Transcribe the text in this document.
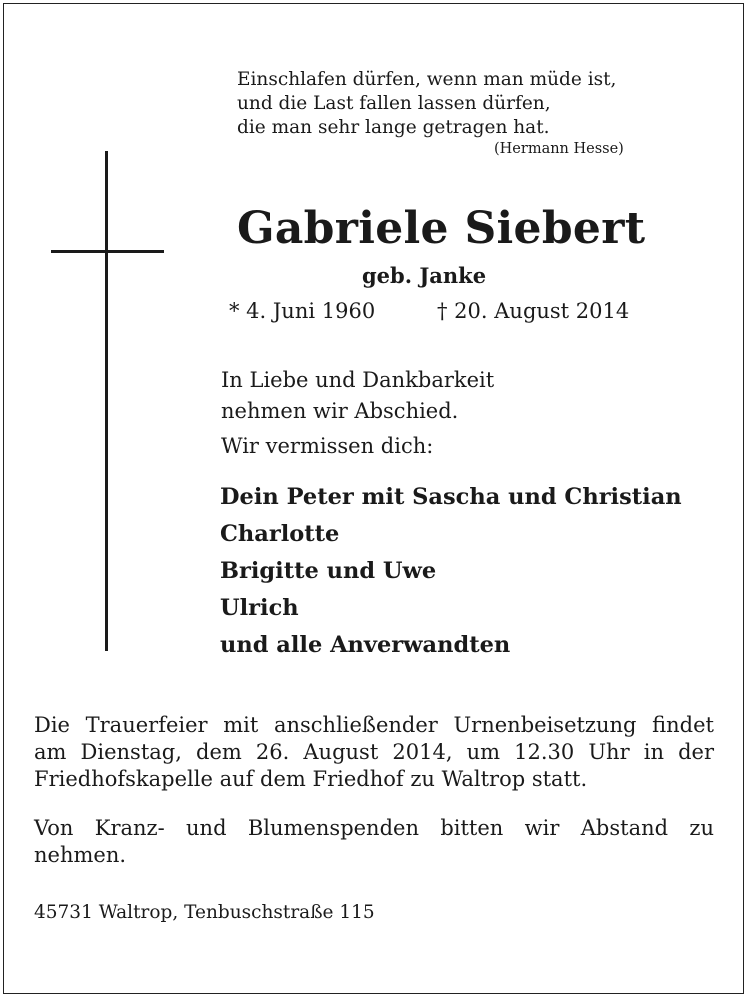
Einschlafen dürfen, wenn man müde ist,
und die Last fallen lassen dürfen,
die man sehr lange getragen hat.
(Hermann Hesse)
Gabriele Siebert
geb. Janke
* 4. Juni 1960	† 20. August 2014
In Liebe und Dankbarkeit
nehmen wir Abschied.
Wir vermissen dich:
Dein Peter mit Sascha und Christian
Charlotte
Brigitte und Uwe
Ulrich
und alle Anverwandten
Die Trauerfeier mit anschließender Urnenbeisetzung findet
am Dienstag, dem 26. August 2014, um 12.30 Uhr in der
Friedhofskapelle auf dem Friedhof zu Waltrop statt.
Von Kranz- und Blumenspenden bitten wir Abstand zu
nehmen.
45731 Waltrop, Tenbuschstraße 115
